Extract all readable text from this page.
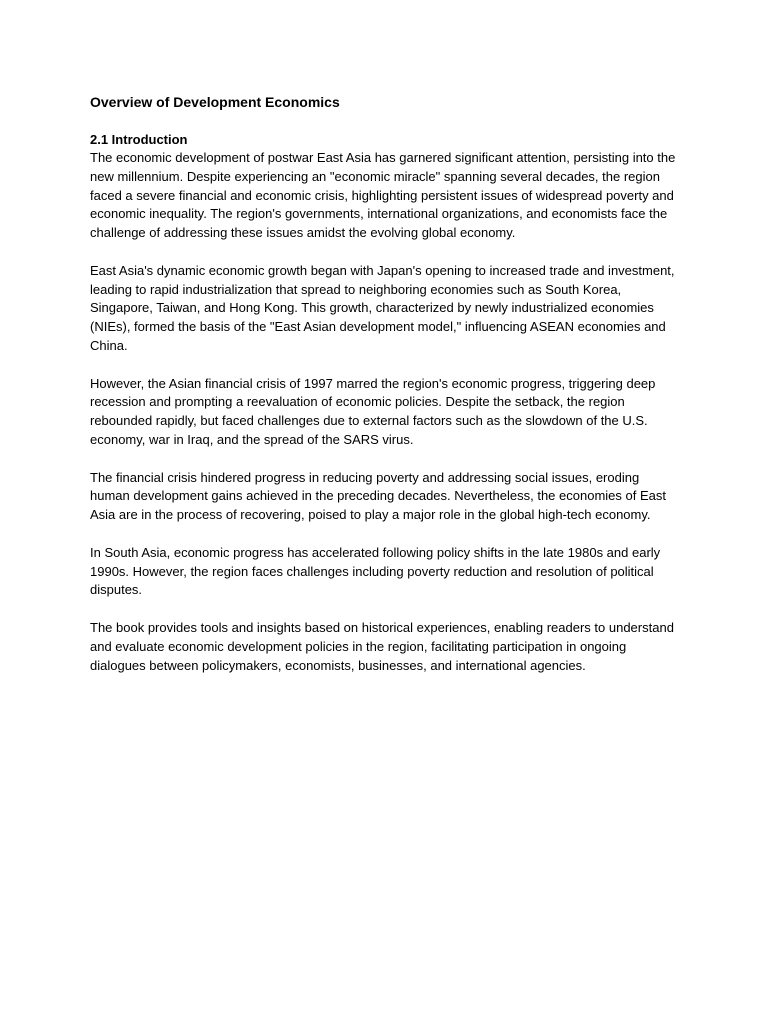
Overview of Development Economics
2.1 Introduction

The economic development of postwar East Asia has garnered significant attention, persisting into the new millennium. Despite experiencing an "economic miracle" spanning several decades, the region faced a severe financial and economic crisis, highlighting persistent issues of widespread poverty and economic inequality. The region's governments, international organizations, and economists face the challenge of addressing these issues amidst the evolving global economy.

East Asia's dynamic economic growth began with Japan's opening to increased trade and investment, leading to rapid industrialization that spread to neighboring economies such as South Korea, Singapore, Taiwan, and Hong Kong. This growth, characterized by newly industrialized economies (NIEs), formed the basis of the "East Asian development model," influencing ASEAN economies and China.

However, the Asian financial crisis of 1997 marred the region's economic progress, triggering deep recession and prompting a reevaluation of economic policies. Despite the setback, the region rebounded rapidly, but faced challenges due to external factors such as the slowdown of the U.S. economy, war in Iraq, and the spread of the SARS virus.

The financial crisis hindered progress in reducing poverty and addressing social issues, eroding human development gains achieved in the preceding decades. Nevertheless, the economies of East Asia are in the process of recovering, poised to play a major role in the global high-tech economy.

In South Asia, economic progress has accelerated following policy shifts in the late 1980s and early 1990s. However, the region faces challenges including poverty reduction and resolution of political disputes.

The book provides tools and insights based on historical experiences, enabling readers to understand and evaluate economic development policies in the region, facilitating participation in ongoing dialogues between policymakers, economists, businesses, and international agencies.
